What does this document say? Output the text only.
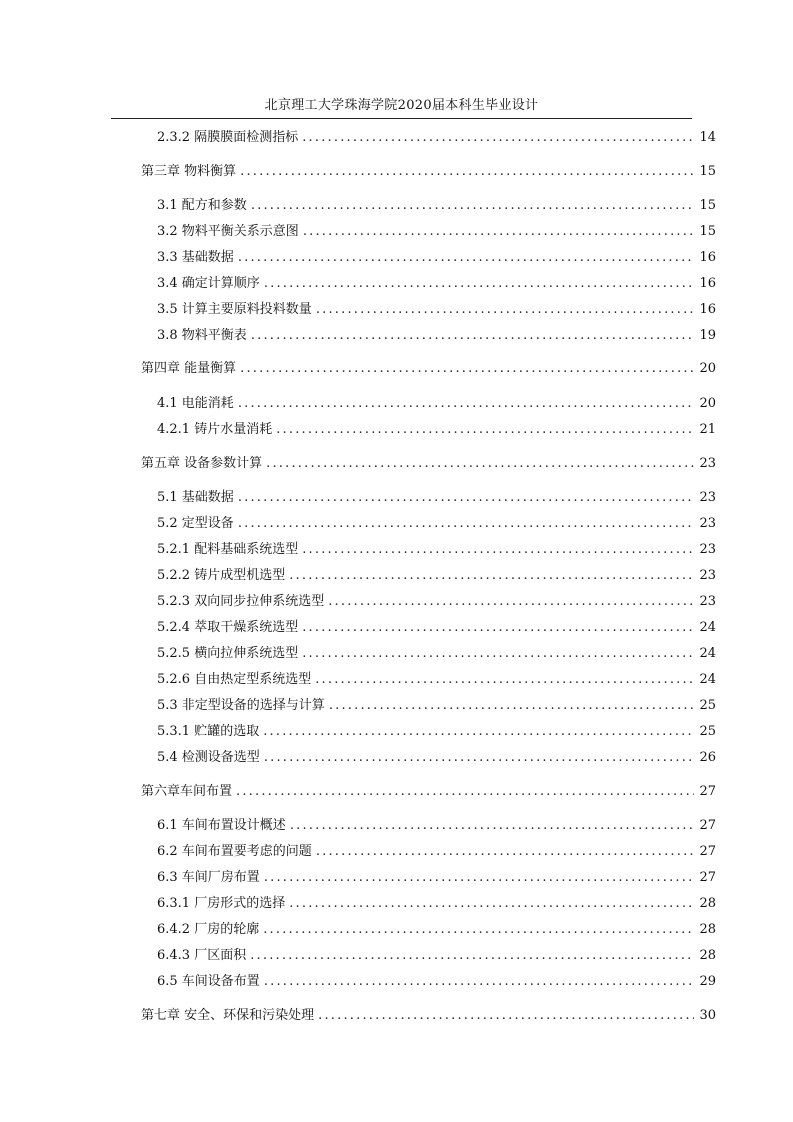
北京理工大学珠海学院2020届本科生毕业设计
2.3.2 隔膜膜面检测指标 .....	14
第三章 物料衡算 .....	15
3.1 配方和参数 .....	15
3.2 物料平衡关系示意图 .....	15
3.3 基础数据 .....	16
3.4 确定计算顺序 .....	16
3.5 计算主要原料投料数量 .....	16
3.8 物料平衡表 .....	19
第四章 能量衡算 .....	20
4.1 电能消耗 .....	20
4.2.1 铸片水量消耗 .....	21
第五章 设备参数计算 .....	23
5.1 基础数据 .....	23
5.2 定型设备 .....	23
5.2.1 配料基础系统选型 .....	23
5.2.2 铸片成型机选型 .....	23
5.2.3 双向同步拉伸系统选型 .....	23
5.2.4 萃取干燥系统选型 .....	24
5.2.5 横向拉伸系统选型 .....	24
5.2.6 自由热定型系统选型 .....	24
5.3 非定型设备的选择与计算 .....	25
5.3.1 贮罐的选取 .....	25
5.4 检测设备选型 .....	26
第六章车间布置 .....	27
6.1 车间布置设计概述 .....	27
6.2 车间布置要考虑的问题 .....	27
6.3 车间厂房布置 .....	27
6.3.1 厂房形式的选择 .....	28
6.4.2 厂房的轮廓 .....	28
6.4.3 厂区面积 .....	28
6.5 车间设备布置 .....	29
第七章 安全、环保和污染处理 .....	30
